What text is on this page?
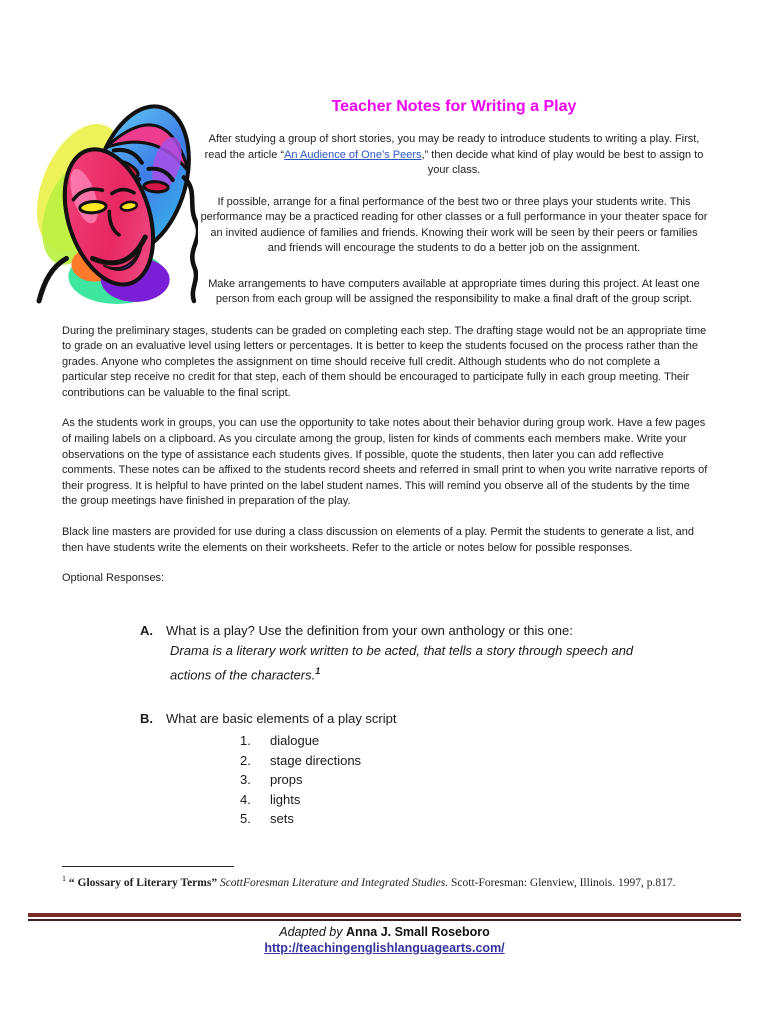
Teacher Notes for Writing a Play

After studying a group of short stories, you may be ready to introduce students to writing a play. First, read the article “An Audience of One’s Peers,” then decide what kind of play would be best to assign to your class.

If possible, arrange for a final performance of the best two or three plays your students write. This performance may be a practiced reading for other classes or a full performance in your theater space for an invited audience of families and friends. Knowing their work will be seen by their peers or families and friends will encourage the students to do a better job on the assignment.

Make arrangements to have computers available at appropriate times during this project. At least one person from each group will be assigned the responsibility to make a final draft of the group script.

During the preliminary stages, students can be graded on completing each step. The drafting stage would not be an appropriate time to grade on an evaluative level using letters or percentages. It is better to keep the students focused on the process rather than the grades. Anyone who completes the assignment on time should receive full credit. Although students who do not complete a particular step receive no credit for that step, each of them should be encouraged to participate fully in each group meeting. Their contributions can be valuable to the final script.

As the students work in groups, you can use the opportunity to take notes about their behavior during group work. Have a few pages of mailing labels on a clipboard. As you circulate among the group, listen for kinds of comments each members make. Write your observations on the type of assistance each students gives. If possible, quote the students, then later you can add reflective comments. These notes can be affixed to the students record sheets and referred in small print to when you write narrative reports of their progress. It is helpful to have printed on the label student names. This will remind you observe all of the students by the time the group meetings have finished in preparation of the play.

Black line masters are provided for use during a class discussion on elements of a play. Permit the students to generate a list, and then have students write the elements on their worksheets. Refer to the article or notes below for possible responses.

Optional Responses:

A.	What is a play? Use the definition from your own anthology or this one:
Drama is a literary work written to be acted, that tells a story through speech and actions of the characters.$^1$
B.	What are basic elements of a play script
1.	dialogue
2.	stage directions
3.	props
4.	lights
5.	sets
$^1$ “ Glossary of Literary Terms” ScottForesman Literature and Integrated Studies. Scott-Foresman: Glenview, Illinois. 1997, p.817.
Adapted by Anna J. Small Roseboro
http://teachingenglishlanguagearts.com/
